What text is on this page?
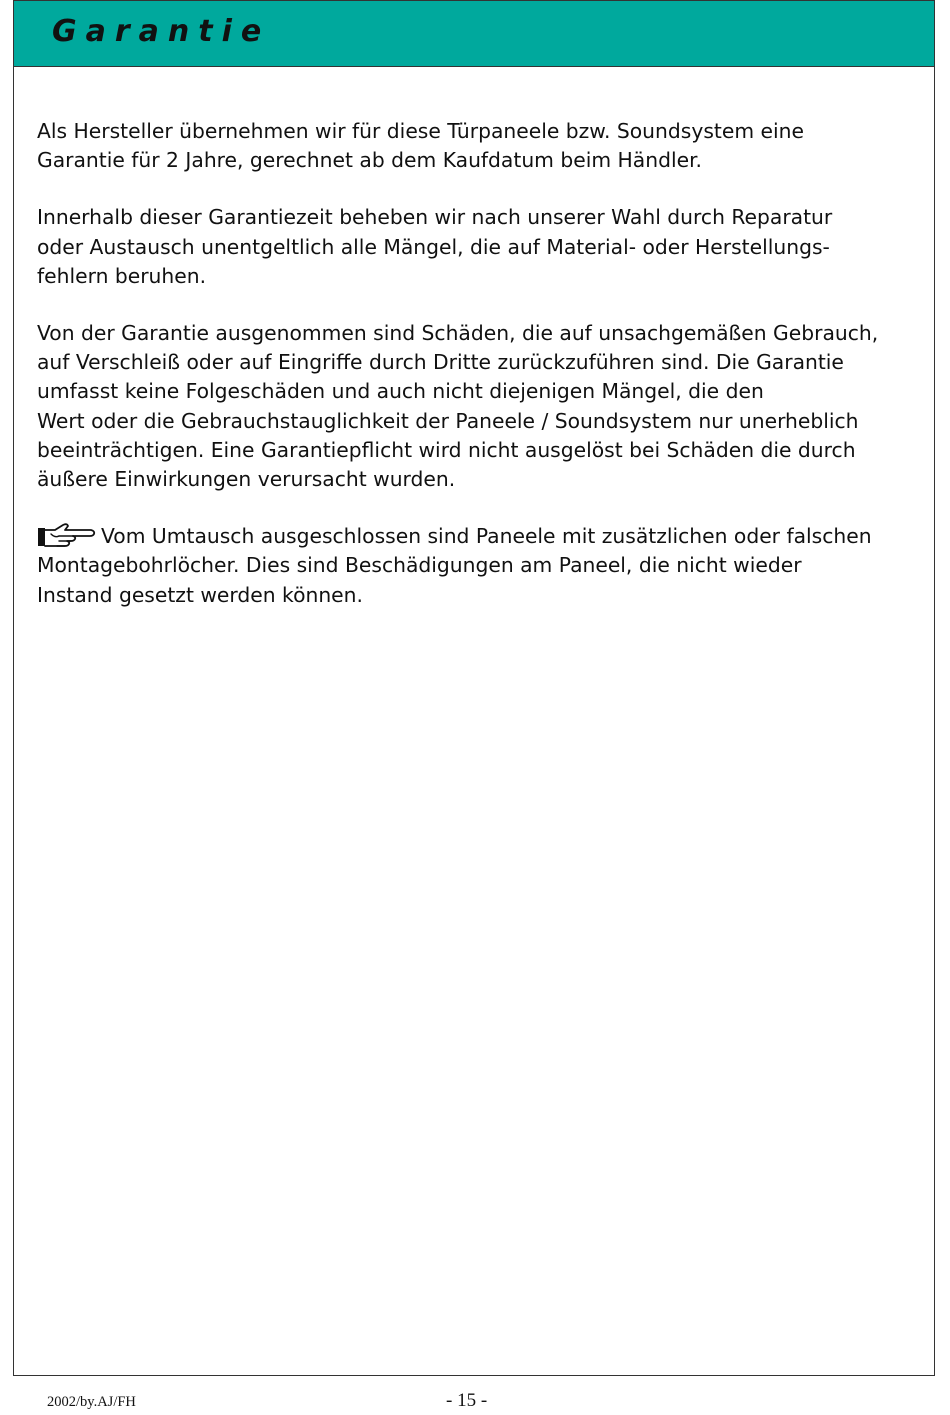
Garantie

Als Hersteller übernehmen wir für diese Türpaneele bzw. Soundsystem eine
Garantie für 2 Jahre, gerechnet ab dem Kaufdatum beim Händler.

Innerhalb dieser Garantiezeit beheben wir nach unserer Wahl durch Reparatur
oder Austausch unentgeltlich alle Mängel, die auf Material- oder Herstellungs-
fehlern beruhen.

Von der Garantie ausgenommen sind Schäden, die auf unsachgemäßen Gebrauch,
auf Verschleiß oder auf Eingriffe durch Dritte zurückzuführen sind. Die Garantie
umfasst keine Folgeschäden und auch nicht diejenigen Mängel, die den
Wert oder die Gebrauchstauglichkeit der Paneele / Soundsystem nur unerheblich
beeinträchtigen. Eine Garantiepflicht wird nicht ausgelöst bei Schäden die durch
äußere Einwirkungen verursacht wurden.

Vom Umtausch ausgeschlossen sind Paneele mit zusätzlichen oder falschen
Montagebohrlöcher. Dies sind Beschädigungen am Paneel, die nicht wieder
Instand gesetzt werden können.

2002/by.AJ/FH	- 15 -
